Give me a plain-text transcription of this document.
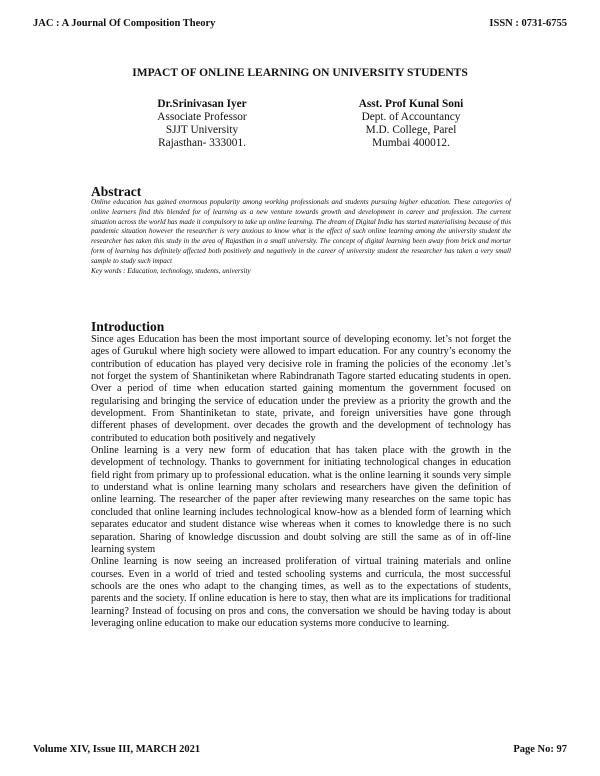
JAC : A Journal Of Composition Theory	ISSN : 0731-6755
IMPACT OF ONLINE LEARNING ON UNIVERSITY STUDENTS
Dr.Srinivasan Iyer
Associate Professor
SJJT University
Rajasthan- 333001.
Asst. Prof Kunal Soni
Dept. of Accountancy
M.D. College, Parel
Mumbai 400012.
Abstract
Online education has gained enormous popularity among working professionals and students pursuing higher education. These categories of online learners find this blended for of learning as a new venture towards growth and development in career and profession. The current situation across the world has made it compulsory to take up online learning. The dream of Digital India has started materialising because of this pandemic situation however the researcher is very anxious to know what is the effect of such online learning among the university student the researcher has taken this study in the area of Rajasthan in a small university. The concept of digital learning been away from brick and mortar form of learning has definitely affected both positively and negatively in the career of university student the researcher has taken a very small sample to study such impact
Key words : Education, technology, students, university
Introduction

Since ages Education has been the most important source of developing economy. let’s not forget the ages of Gurukul where high society were allowed to impart education. For any country’s economy the contribution of education has played very decisive role in framing the policies of the economy .let’s not forget the system of Shantiniketan where Rabindranath Tagore started educating students in open. Over a period of time when education started gaining momentum the government focused on regularising and bringing the service of education under the preview as a priority the growth and the development. From Shantiniketan to state, private, and foreign universities have gone through different phases of development. over decades the growth and the development of technology has contributed to education both positively and negatively

Online learning is a very new form of education that has taken place with the growth in the development of technology. Thanks to government for initiating technological changes in education field right from primary up to professional education. what is the online learning it sounds very simple to understand what is online learning many scholars and researchers have given the definition of online learning. The researcher of the paper after reviewing many researches on the same topic has concluded that online learning includes technological know-how as a blended form of learning which separates educator and student distance wise whereas when it comes to knowledge there is no such separation. Sharing of knowledge discussion and doubt solving are still the same as of in off-line learning system

Online learning is now seeing an increased proliferation of virtual training materials and online courses. Even in a world of tried and tested schooling systems and curricula, the most successful schools are the ones who adapt to the changing times, as well as to the expectations of students, parents and the society. If online education is here to stay, then what are its implications for traditional learning? Instead of focusing on pros and cons, the conversation we should be having today is about leveraging online education to make our education systems more conducive to learning.

Volume XIV, Issue III, MARCH 2021	Page No: 97
